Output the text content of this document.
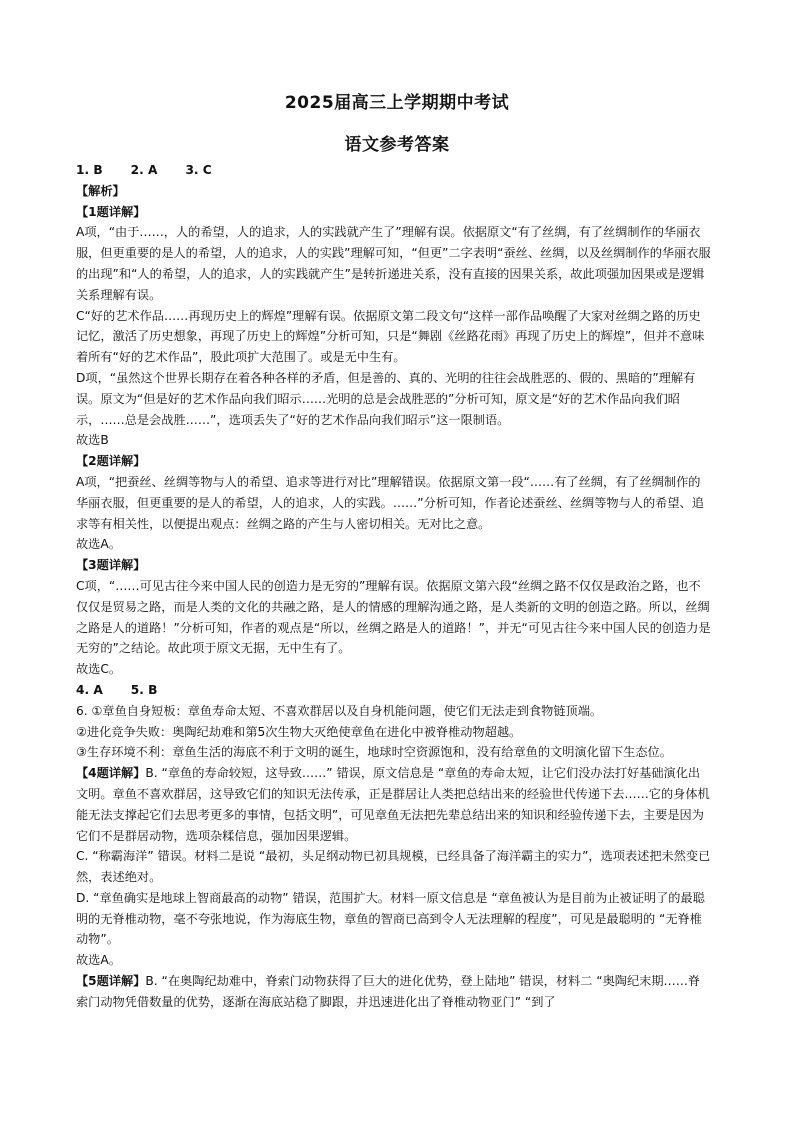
2025届高三上学期期中考试
语文参考答案

1. B 2. A 3. C

【解析】

【1题详解】

A项，“由于……，人的希望，人的追求，人的实践就产生了”理解有误。依据原文“有了丝绸，有了丝绸制作的华丽衣服，但更重要的是人的希望，人的追求，人的实践”理解可知，“但更”二字表明“蚕丝、丝绸，以及丝绸制作的华丽衣服的出现”和“人的希望，人的追求，人的实践就产生”是转折递进关系，没有直接的因果关系，故此项强加因果或是逻辑关系理解有误。

C“好的艺术作品……再现历史上的辉煌”理解有误。依据原文第二段文句“这样一部作品唤醒了大家对丝绸之路的历史记忆，激活了历史想象，再现了历史上的辉煌”分析可知，只是“舞剧《丝路花雨》再现了历史上的辉煌”，但并不意味着所有“好的艺术作品”，股此项扩大范围了。或是无中生有。

D项，“虽然这个世界长期存在着各种各样的矛盾，但是善的、真的、光明的往往会战胜恶的、假的、黑暗的”理解有误。原文为“但是好的艺术作品向我们昭示……光明的总是会战胜恶的”分析可知，原文是“好的艺术作品向我们昭示，……总是会战胜……”，选项丢失了“好的艺术作品向我们昭示”这一限制语。

故选B

【2题详解】

A项，“把蚕丝、丝绸等物与人的希望、追求等进行对比”理解错误。依据原文第一段“……有了丝绸，有了丝绸制作的华丽衣服，但更重要的是人的希望，人的追求，人的实践。……”分析可知，作者论述蚕丝、丝绸等物与人的希望、追求等有相关性，以便提出观点：丝绸之路的产生与人密切相关。无对比之意。

故选A。

【3题详解】

C项，“……可见古往今来中国人民的创造力是无穷的”理解有误。依据原文第六段“丝绸之路不仅仅是政治之路，也不仅仅是贸易之路，而是人类的文化的共融之路，是人的情感的理解沟通之路，是人类新的文明的创造之路。所以，丝绸之路是人的道路！”分析可知，作者的观点是“所以，丝绸之路是人的道路！”，并无“可见古往今来中国人民的创造力是无穷的”之结论。故此项于原文无据，无中生有了。

故选C。

4. A 5. B

6. ①章鱼自身短板：章鱼寿命太短、不喜欢群居以及自身机能问题，使它们无法走到食物链顶端。

②进化竞争失败：奥陶纪劫难和第5次生物大灭绝使章鱼在进化中被脊椎动物超越。

③生存环境不利：章鱼生活的海底不利于文明的诞生，地球时空资源饱和，没有给章鱼的文明演化留下生态位。

【4题详解】B. “章鱼的寿命较短，这导致……” 错误，原文信息是 “章鱼的寿命太短，让它们没办法打好基础演化出文明。章鱼不喜欢群居，这导致它们的知识无法传承，正是群居让人类把总结出来的经验世代传递下去……它的身体机能无法支撑起它们去思考更多的事情，包括文明”，可见章鱼无法把先辈总结出来的知识和经验传递下去，主要是因为它们不是群居动物，选项杂糅信息，强加因果逻辑。

C. “称霸海洋” 错误。材料二是说 “最初，头足纲动物已初具规模，已经具备了海洋霸主的实力”，选项表述把未然变已然，表述绝对。

D. “章鱼确实是地球上智商最高的动物” 错误，范围扩大。材料一原文信息是 “章鱼被认为是目前为止被证明了的最聪明的无脊椎动物，毫不夸张地说，作为海底生物，章鱼的智商已高到令人无法理解的程度”，可见是最聪明的 “无脊椎动物”。

故选A。

【5题详解】B. “在奥陶纪劫难中，脊索门动物获得了巨大的进化优势，登上陆地” 错误，材料二 “奥陶纪末期……脊索门动物凭借数量的优势，逐渐在海底站稳了脚跟，并迅速进化出了脊椎动物亚门” “到了
